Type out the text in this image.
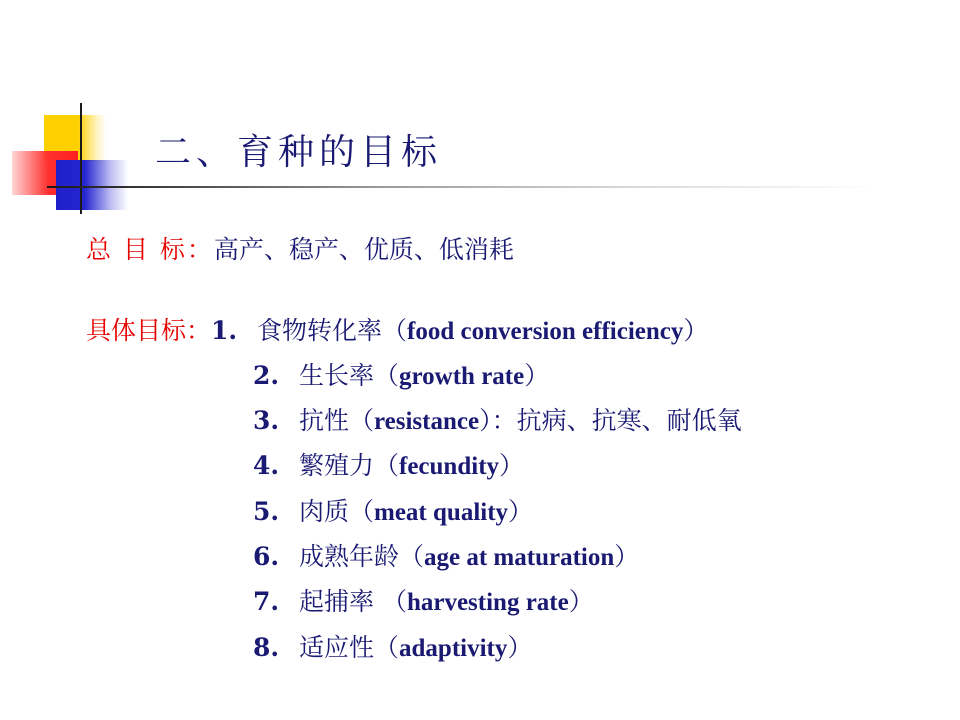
二、育种的目标
总 目 标：高产、稳产、优质、低消耗
具体目标：1. 食物转化率（food conversion efficiency）
2. 生长率（growth rate）
3. 抗性（resistance）：抗病、抗寒、耐低氧
4. 繁殖力（fecundity）
5. 肉质（meat quality）
6. 成熟年龄（age at maturation）
7. 起捕率 （harvesting rate）
8. 适应性（adaptivity）
